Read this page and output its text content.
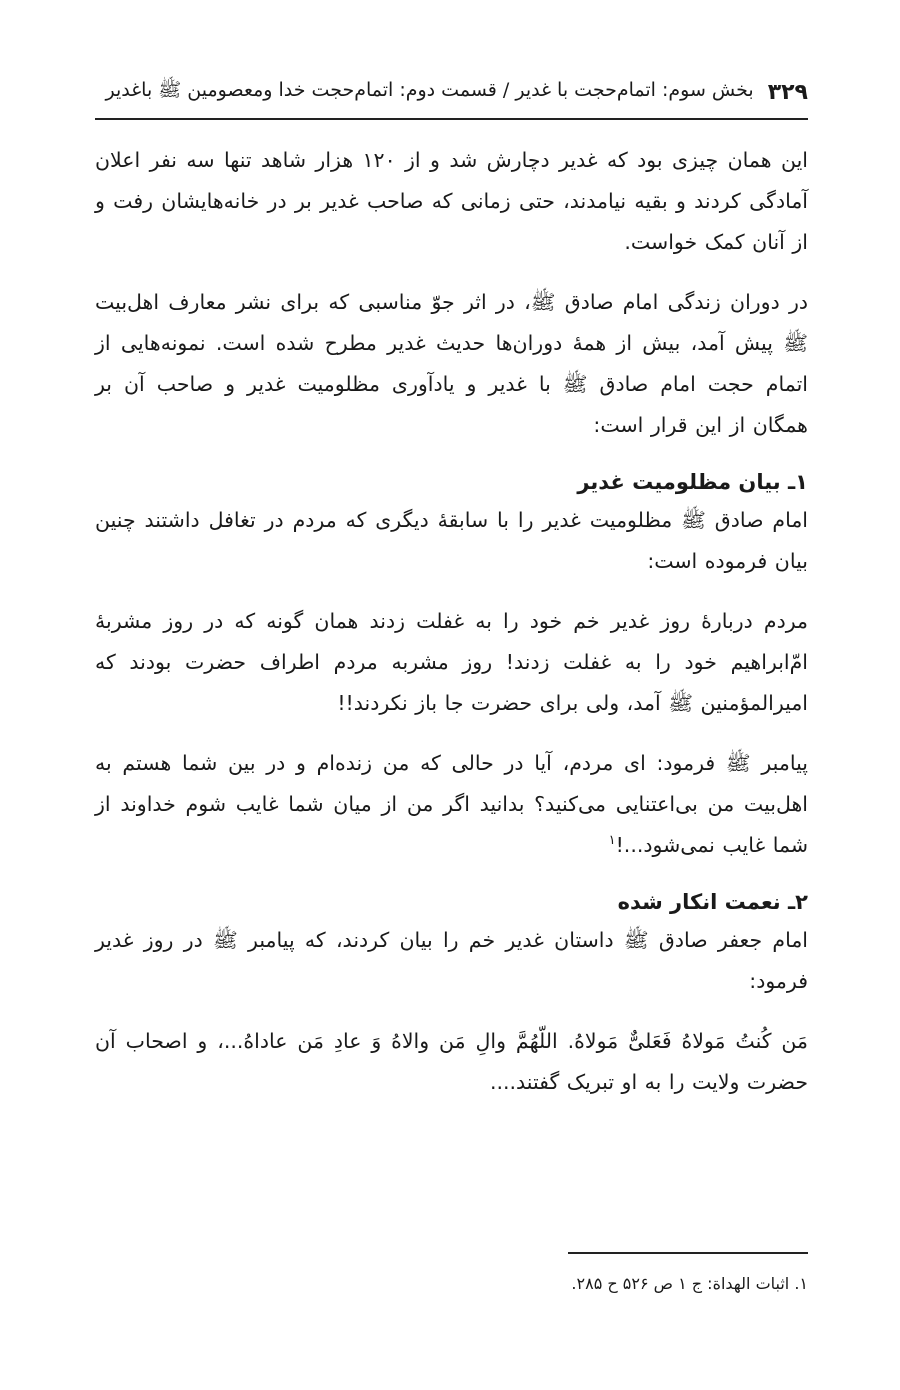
۳۲۹
بخش سوم: اتمام‌حجت با غدیر / قسمت دوم: اتمام‌حجت خدا ومعصومین ﷺ باغدیر

این همان چیزی بود که غدیر دچارش شد و از ۱۲۰ هزار شاهد تنها سه نفر اعلان آمادگی کردند و بقیه نیامدند، حتی زمانی که صاحب غدیر بر در خانه‌هایشان رفت و از آنان کمک خواست.

در دوران زندگی امام صادق ﷺ، در اثر جوّ مناسبی که برای نشر معارف اهل‌بیت ﷺ پیش آمد، بیش از همهٔ دوران‌ها حدیث غدیر مطرح شده است. نمونه‌هایی از اتمام حجت امام صادق ﷺ با غدیر و یادآوری مظلومیت غدیر و صاحب آن بر همگان از این قرار است:

۱ـ بیان مظلومیت غدیر

امام صادق ﷺ مظلومیت غدیر را با سابقهٔ دیگری که مردم در تغافل داشتند چنین بیان فرموده است:

مردم دربارهٔ روز غدیر خم خود را به غفلت زدند همان گونه که در روز مشربهٔ امّ‌ابراهیم خود را به غفلت زدند! روز مشربه مردم اطراف حضرت بودند که امیرالمؤمنین ﷺ آمد، ولی برای حضرت جا باز نکردند!!

پیامبر ﷺ فرمود: ای مردم، آیا در حالی که من زنده‌ام و در بین شما هستم به اهل‌بیت من بی‌اعتنایی می‌کنید؟ بدانید اگر من از میان شما غایب شوم خداوند از شما غایب نمی‌شود...!$^۱$

۲ـ نعمت انکار شده

امام جعفر صادق ﷺ داستان غدیر خم را بیان کردند، که پیامبر ﷺ در روز غدیر فرمود:

مَن کُنتُ مَولاهُ فَعَلیٌّ مَولاهُ. اللّهُمَّ والِ مَن والاهُ وَ عادِ مَن عاداهُ...، و اصحاب آن حضرت ولایت را به او تبریک گفتند....

۱. اثبات الهداة: ج ۱ ص ۵۲۶ ح ۲۸۵.
